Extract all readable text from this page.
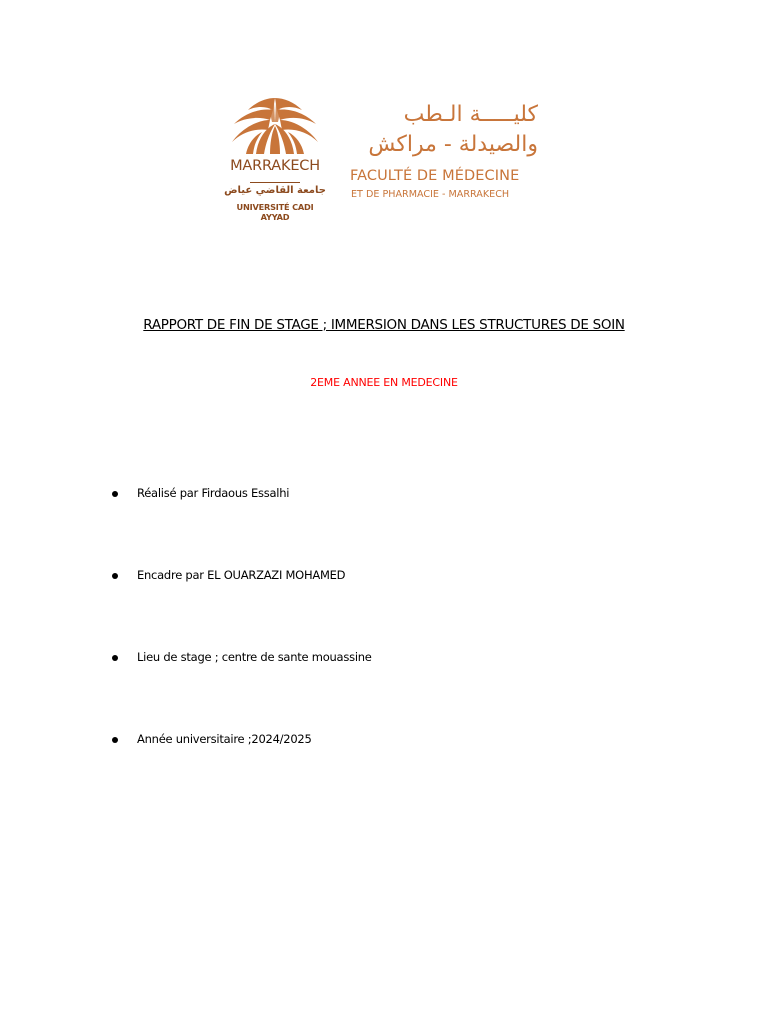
MARRAKECH
جامعة القاضي عياض
UNIVERSITÉ CADI AYYAD
كليـــــة الـطب
والصيدلة - مراكش
FACULTÉ DE MÉDECINE
ET DE PHARMACIE - MARRAKECH
RAPPORT DE FIN DE STAGE ; IMMERSION DANS LES STRUCTURES DE SOIN
2EME ANNEE EN MEDECINE
Réalisé par Firdaous Essalhi
Encadre par EL OUARZAZI MOHAMED
Lieu de stage ; centre de sante mouassine
Année universitaire ;2024/2025
